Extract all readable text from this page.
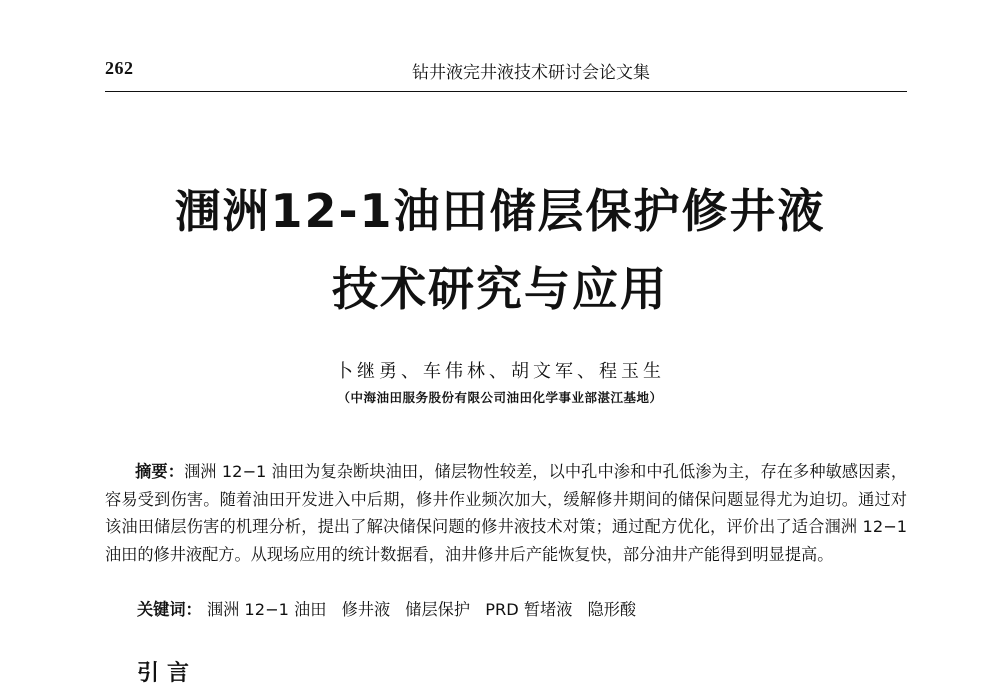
262	钻井液完井液技术研讨会论文集
涠洲12-1油田储层保护修井液
技术研究与应用
卜继勇、车伟林、胡文军、程玉生
（中海油田服务股份有限公司油田化学事业部湛江基地）
摘要：涠洲 12−1 油田为复杂断块油田，储层物性较差，以中孔中渗和中孔低渗为主，存在多种敏感因素，容易受到伤害。随着油田开发进入中后期，修井作业频次加大，缓解修井期间的储保问题显得尤为迫切。通过对该油田储层伤害的机理分析，提出了解决储保问题的修井液技术对策；通过配方优化，评价出了适合涠洲 12−1 油田的修井液配方。从现场应用的统计数据看，油井修井后产能恢复快，部分油井产能得到明显提高。
关键词： 涠洲 12−1 油田 修井液 储层保护 PRD 暂堵液 隐形酸
引言
